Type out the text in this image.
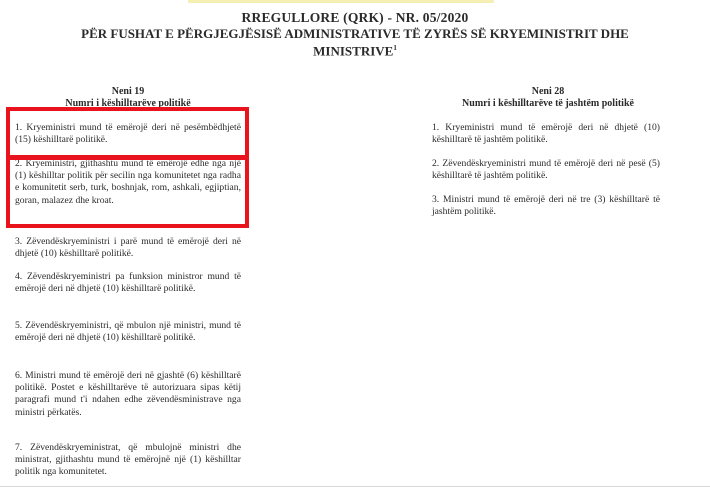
RREGULLORE (QRK) - NR. 05/2020
PËR FUSHAT E PËRGJEGJËSISË ADMINISTRATIVE TË ZYRËS SË KRYEMINISTRIT DHE
MINISTRIVE$^1$
Neni 19
Numri i këshilltarëve politikë
1. Kryeministri mund të emërojë deri në pesëmbëdhjetë (15) këshilltarë politikë.
2. Kryeministri, gjithashtu mund të emërojë edhe nga një (1) këshilltar politik për secilin nga komunitetet nga radha e komunitetit serb, turk, boshnjak, rom, ashkali, egjiptian, goran, malazez dhe kroat.
3. Zëvendëskryeministri i parë mund të emërojë deri në dhjetë (10) këshilltarë politikë.
4. Zëvendëskryeministri pa funksion ministror mund të emërojë deri në dhjetë (10) këshilltarë politikë.
5. Zëvendëskryeministri, që mbulon një ministri, mund të emërojë deri në dhjetë (10) këshilltarë politikë.
6. Ministri mund të emërojë deri në gjashtë (6) këshilltarë politikë. Postet e këshilltarëve të autorizuara sipas këtij paragrafi mund t'i ndahen edhe zëvendësministrave nga ministri përkatës.
7. Zëvendëskryeministrat, që mbulojnë ministri dhe ministrat, gjithashtu mund të emërojnë një (1) këshilltar politik nga komunitetet.
Neni 28
Numri i këshilltarëve të jashtëm politikë
1. Kryeministri mund të emërojë deri në dhjetë (10) këshilltarë të jashtëm politikë.
2. Zëvendëskryeministri mund të emërojë deri në pesë (5) këshilltarë të jashtëm politikë.
3. Ministri mund të emërojë deri në tre (3) këshilltarë të jashtëm politikë.
